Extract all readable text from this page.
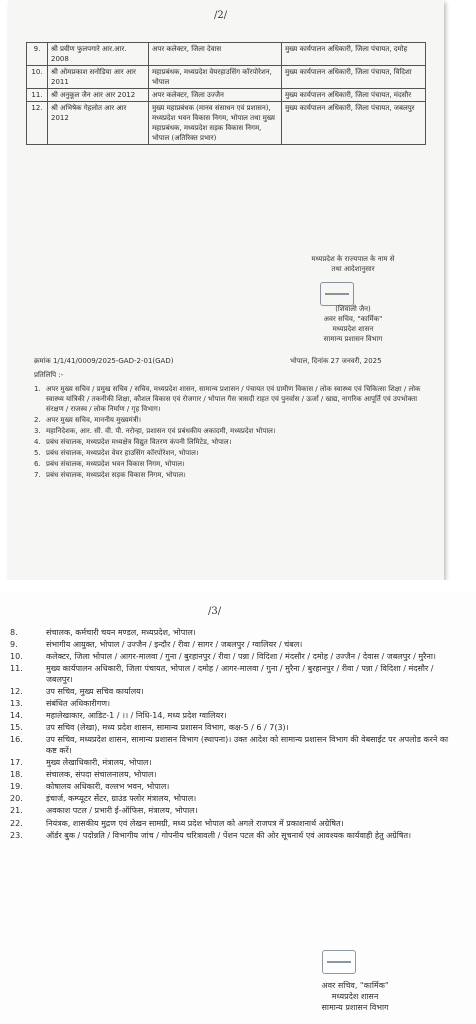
/2/
9.	श्री प्रवीण फुलपगारे आर.आर. 2008	अपर कलेक्टर, जिला देवास	मुख्य कार्यपालन अधिकारी, जिला पंचायत, दमोह
10.	श्री ओमप्रकाश सनोडिया आर आर 2011	महाप्रबंधक, मध्यप्रदेश वेयरहाउसिंग कॉरपोरेशन, भोपाल	मुख्य कार्यपालन अधिकारी, जिला पंचायत, विदिशा
11.	श्री अनुकूल जैन आर आर 2012	अपर कलेक्टर, जिला उज्जैन	मुख्य कार्यपालन अधिकारी, जिला पंचायत, मंदसौर
12.	श्री अभिषेक गेहलोत आर आर 2012	मुख्य महाप्रबंधक (मानव संसाधन एवं प्रशासन), मध्यप्रदेश भवन विकास निगम, भोपाल तथा मुख्य महाप्रबंधक, मध्यप्रदेश सड़क विकास निगम, भोपाल (अतिरिक्त प्रभार)	मुख्य कार्यपालन अधिकारी, जिला पंचायत, जबलपुर
मध्यप्रदेश के राज्यपाल के नाम से
तथा आदेशानुसार
(शिवाली जैन)
अवर सचिव, "कार्मिक"
मध्यप्रदेश शासन
सामान्य प्रशासन विभाग
क्रमांक 1/1/41/0009/2025-GAD-2-01(GAD)	भोपाल, दिनांक 27 जनवरी, 2025
प्रतिलिपि :-
1. अपर मुख्य सचिव / प्रमुख सचिव / सचिव, मध्यप्रदेश शासन, सामान्य प्रशासन / पंचायत एवं ग्रामीण विकास / लोक स्वास्थ्य एवं चिकित्सा शिक्षा / लोक स्वास्थ्य यांत्रिकी / तकनीकी शिक्षा, कौशल विकास एवं रोजगार / भोपाल गैस त्रासदी राहत एवं पुनर्वास / ऊर्जा / खाद्य, नागरिक आपूर्ति एवं उपभोक्ता संरक्षण / राजस्व / लोक निर्माण / गृह विभाग।
2. अपर मुख्य सचिव, माननीय मुख्यमंत्री।
3. महानिदेशक, आर. सी. वी. पी. नरोन्हा, प्रशासन एवं प्रबंधकीय अकादमी, मध्यप्रदेश भोपाल।
4. प्रबंध संचालक, मध्यप्रदेश मध्यक्षेत्र विद्युत वितरण कंपनी लिमिटेड, भोपाल।
5. प्रबंध संचालक, मध्यप्रदेश वेयर हाउसिंग कॉरपोरेशन, भोपाल।
6. प्रबंध संचालक, मध्यप्रदेश भवन विकास निगम, भोपाल।
7. प्रबंध संचालक, मध्यप्रदेश सड़क विकास निगम, भोपाल।
/3/
8.	संचालक, कर्मचारी चयन मण्डल, मध्यप्रदेश, भोपाल।
9.	संभागीय आयुक्त, भोपाल / उज्जैन / इन्दौर / रीवा / सागर / जबलपुर / ग्वालियर / चंबल।
10.	कलेक्टर, जिला भोपाल / आगर-मालवा / गुना / बुरहानपुर / रीवा / पन्ना / विदिशा / मंदसौर / दमोह / उज्जैन / देवास / जबलपुर / मुरैना।
11.	मुख्य कार्यपालन अधिकारी, जिला पंचायत, भोपाल / दमोह / आगर-मालवा / गुना / मुरैना / बुरहानपुर / रीवा / पन्ना / विदिशा / मंदसौर / जबलपुर।
12.	उप सचिव, मुख्य सचिव कार्यालय।
13.	संबंधित अधिकारीगण।
14.	महालेखाकार, आडिट-1 / ।। / निधि-14, मध्य प्रदेश ग्वालियर।
15.	उप सचिव (लेखा), मध्य प्रदेश शासन, सामान्य प्रशासन विभाग, कक्ष-5 / 6 / 7(3)।
16.	उप सचिव, मध्यप्रदेश शासन, सामान्य प्रशासन विभाग (स्थापना)। उक्त आदेश को सामान्य प्रशासन विभाग की वेबसाईट पर अपलोड करने का कष्ट करें।
17.	मुख्य लेखाधिकारी, मंत्रालय, भोपाल।
18.	संचालक, संपदा संचालनालय, भोपाल।
19.	कोषालय अधिकारी, वल्लभ भवन, भोपाल।
20.	इंचार्ज, कम्प्यूटर सेंटर, ग्राउंड फ्लोर मंत्रालय, भोपाल।
21.	अवकाश पटल / प्रभारी ई-ऑफिस, मंत्रालय, भोपाल।
22.	नियंत्रक, शासकीय मुद्रण एवं लेखन सामग्री, मध्य प्रदेश भोपाल को अगले राजपत्र में प्रकाशनार्थ अग्रेषित।
23.	ऑर्डर बुक / पदोन्नति / विभागीय जांच / गोपनीय चरित्रावली / पेंशन पटल की ओर सूचनार्थ एवं आवश्यक कार्यवाही हेतु अग्रेषित।
अवर सचिव, "कार्मिक"
मध्यप्रदेश शासन
सामान्य प्रशासन विभाग
